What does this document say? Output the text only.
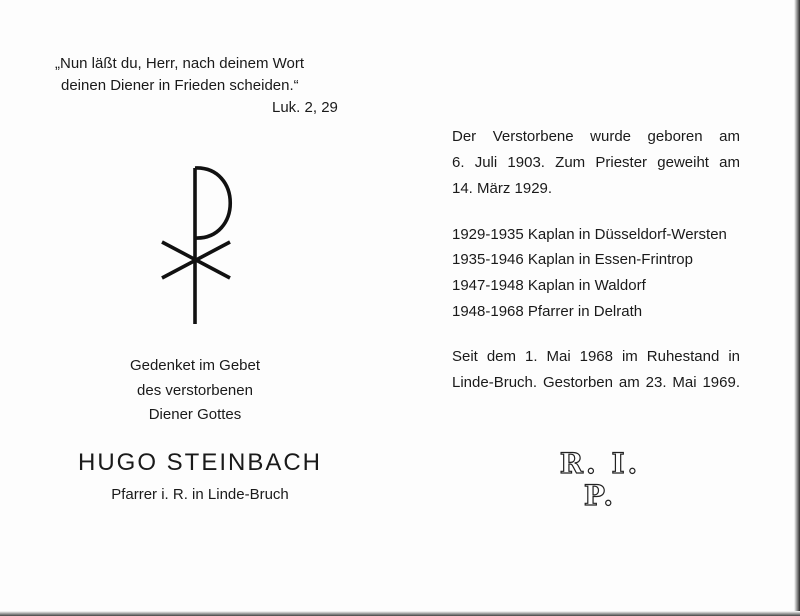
„Nun läßt du, Herr, nach deinem Wort
deinen Diener in Frieden scheiden.“
Luk. 2, 29
Gedenket im Gebet
des verstorbenen
Diener Gottes
HUGO STEINBACH
Pfarrer i. R. in Linde-Bruch
Der Verstorbene wurde geboren am
6. Juli 1903. Zum Priester geweiht am
14. März 1929.
1929-1935 Kaplan in Düsseldorf-Wersten
1935-1946 Kaplan in Essen-Frintrop
1947-1948 Kaplan in Waldorf
1948-1968 Pfarrer in Delrath
Seit dem 1. Mai 1968 im Ruhestand in
Linde-Bruch. Gestorben am 23. Mai 1969.
R. I. P.
